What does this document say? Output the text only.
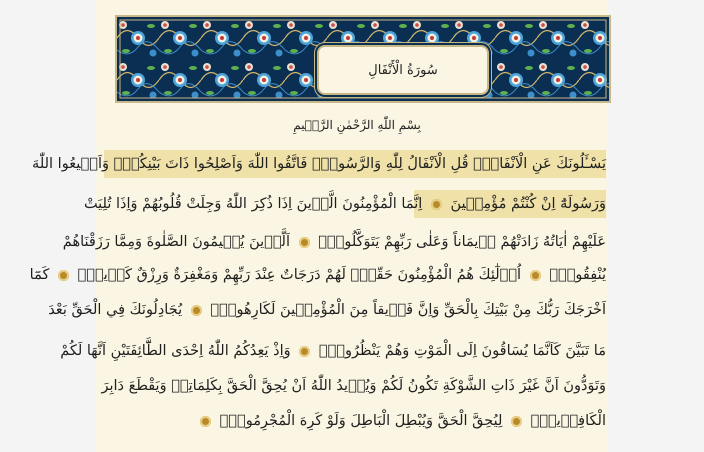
سُورَةُ الْأَنْفَالِ
بِسْمِ اللّٰهِ الرَّحْمٰنِ الرَّح۪يمِ
يَسْـَٔلُونَكَ عَنِ الْاَنْفَالِۜ قُلِ الْاَنْفَالُ لِلّٰهِ وَالرَّسُولِۚ فَاتَّقُوا اللّٰهَ وَاَصْلِحُوا ذَاتَ بَيْنِكُمْۖ وَاَط۪يعُوا اللّٰهَ
وَرَسُولَهُٓ اِنْ كُنْتُمْ مُؤْمِن۪ينَ  اِنَّمَا الْمُؤْمِنُونَ الَّذ۪ينَ اِذَا ذُكِرَ اللّٰهُ وَجِلَتْ قُلُوبُهُمْ وَاِذَا تُلِيَتْ
عَلَيْهِمْ اٰيَاتُهُ زَادَتْهُمْ ا۪يمَاناً وَعَلٰى رَبِّهِمْ يَتَوَكَّلُونَۚ  اَلَّذ۪ينَ يُق۪يمُونَ الصَّلٰوةَ وَمِمَّا رَزَقْنَاهُمْ
يُنْفِقُونَۜ  اُو۬لٰٓئِكَ هُمُ الْمُؤْمِنُونَ حَقّاًۜ لَهُمْ دَرَجَاتٌ عِنْدَ رَبِّهِمْ وَمَغْفِرَةٌ وَرِزْقٌ كَر۪يمٌۚ  كَمَٓا
اَخْرَجَكَ رَبُّكَ مِنْ بَيْتِكَ بِالْحَقِّ وَاِنَّ فَر۪يقاً مِنَ الْمُؤْمِن۪ينَ لَكَارِهُونَۙ  يُجَادِلُونَكَ فِي الْحَقِّ بَعْدَ
مَا تَبَيَّنَ كَاَنَّمَا يُسَاقُونَ اِلَى الْمَوْتِ وَهُمْ يَنْظُرُونَۜ  وَاِذْ يَعِدُكُمُ اللّٰهُ اِحْدَى الطَّٓائِفَتَيْنِ اَنَّهَا لَكُمْ
وَتَوَدُّونَ اَنَّ غَيْرَ ذَاتِ الشَّوْكَةِ تَكُونُ لَكُمْ وَيُر۪يدُ اللّٰهُ اَنْ يُحِقَّ الْحَقَّ بِكَلِمَاتِه۪ وَيَقْطَعَ دَابِرَ
الْكَافِر۪ينَۙ  لِيُحِقَّ الْحَقَّ وَيُبْطِلَ الْبَاطِلَ وَلَوْ كَرِهَ الْمُجْرِمُونَۚ
